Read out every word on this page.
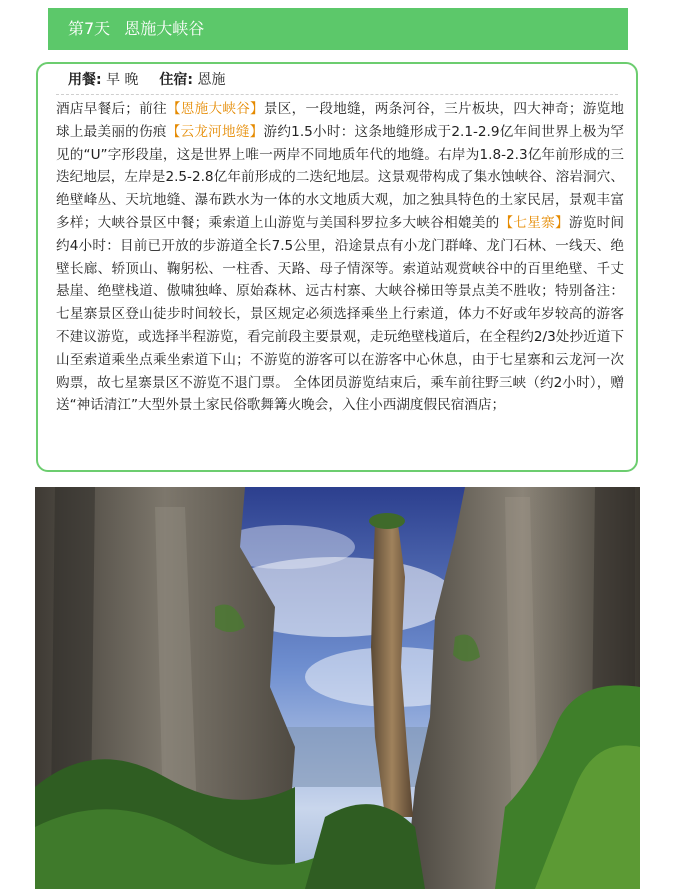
第7天 恩施大峡谷
用餐: 早 晚 住宿: 恩施
酒店早餐后；前往【恩施大峡谷】景区，一段地缝，两条河谷，三片板块，四大神奇；游览地球上最美丽的伤痕【云龙河地缝】游约1.5小时：这条地缝形成于2.1-2.9亿年间世界上极为罕见的“U”字形段崖，这是世界上唯一两岸不同地质年代的地缝。右岸为1.8-2.3亿年前形成的三迭纪地层，左岸是2.5-2.8亿年前形成的二迭纪地层。这景观带构成了集水蚀峡谷、溶岩洞穴、绝壁峰丛、天坑地缝、瀑布跌水为一体的水文地质大观，加之独具特色的土家民居，景观丰富多样；大峡谷景区中餐；乘索道上山游览与美国科罗拉多大峡谷相媲美的【七星寨】游览时间约4小时：目前已开放的步游道全长7.5公里，沿途景点有小龙门群峰、龙门石林、一线天、绝壁长廊、轿顶山、鞠躬松、一柱香、天路、母子情深等。索道站观赏峡谷中的百里绝壁、千丈悬崖、绝壁栈道、傲啸独峰、原始森林、远古村寨、大峡谷梯田等景点美不胜收；特别备注：七星寨景区登山徒步时间较长，景区规定必须选择乘坐上行索道，体力不好或年岁较高的游客不建议游览，或选择半程游览，看完前段主要景观，走玩绝壁栈道后，在全程约2/3处抄近道下山至索道乘坐点乘坐索道下山；不游览的游客可以在游客中心休息，由于七星寨和云龙河一次购票，故七星寨景区不游览不退门票。 全体团员游览结束后，乘车前往野三峡（约2小时），赠送“神话清江”大型外景土家民俗歌舞篝火晚会，入住小西湖度假民宿酒店；
